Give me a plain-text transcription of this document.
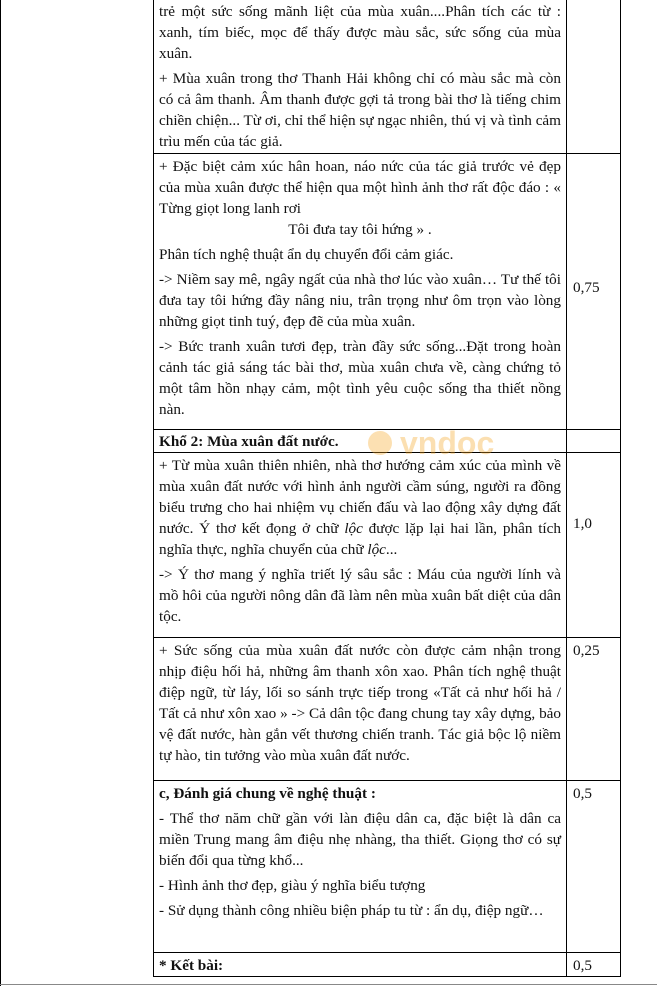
trẻ một sức sống mãnh liệt của mùa xuân....Phân tích các từ : xanh, tím biếc, mọc để thấy được màu sắc, sức sống của mùa xuân.

+ Mùa xuân trong thơ Thanh Hải không chỉ có màu sắc mà còn có cả âm thanh. Âm thanh được gợi tả trong bài thơ là tiếng chim chiền chiện... Từ ơi, chỉ thể hiện sự ngạc nhiên, thú vị và tình cảm trìu mến của tác giả.

+ Đặc biệt cảm xúc hân hoan, náo nức của tác giả trước vẻ đẹp của mùa xuân được thể hiện qua một hình ảnh thơ rất độc đáo : « Từng giọt long lanh rơi

Tôi đưa tay tôi hứng » .

Phân tích nghệ thuật ẩn dụ chuyển đổi cảm giác.

-> Niềm say mê, ngây ngất của nhà thơ lúc vào xuân… Tư thế tôi đưa tay tôi hứng đầy nâng niu, trân trọng như ôm trọn vào lòng những giọt tinh tuý, đẹp đẽ của mùa xuân.

-> Bức tranh xuân tươi đẹp, tràn đầy sức sống...Đặt trong hoàn cảnh tác giả sáng tác bài thơ, mùa xuân chưa về, càng chứng tỏ một tâm hồn nhạy cảm, một tình yêu cuộc sống tha thiết nồng nàn.

0,75
Khổ 2: Mùa xuân đất nước.	vndoc

+ Từ mùa xuân thiên nhiên, nhà thơ hướng cảm xúc của mình về mùa xuân đất nước với hình ảnh người cầm súng, người ra đồng biểu trưng cho hai nhiệm vụ chiến đấu và lao động xây dựng đất nước. Ý thơ kết đọng ở chữ lộc được lặp lại hai lần, phân tích nghĩa thực, nghĩa chuyển của chữ lộc...

-> Ý thơ mang ý nghĩa triết lý sâu sắc : Máu của người lính và mồ hôi của người nông dân đã làm nên mùa xuân bất diệt của dân tộc.

1,0

+ Sức sống của mùa xuân đất nước còn được cảm nhận trong nhịp điệu hối hả, những âm thanh xôn xao. Phân tích nghệ thuật điệp ngữ, từ láy, lối so sánh trực tiếp trong «Tất cả như hối hả / Tất cả như xôn xao » -> Cả dân tộc đang chung tay xây dựng, bảo vệ đất nước, hàn gắn vết thương chiến tranh. Tác giả bộc lộ niềm tự hào, tin tưởng vào mùa xuân đất nước.

0,25

c, Đánh giá chung về nghệ thuật :

- Thể thơ năm chữ gần với làn điệu dân ca, đặc biệt là dân ca miền Trung mang âm điệu nhẹ nhàng, tha thiết. Giọng thơ có sự biến đổi qua từng khổ...

- Hình ảnh thơ đẹp, giàu ý nghĩa biểu tượng

- Sử dụng thành công nhiều biện pháp tu từ : ẩn dụ, điệp ngữ…

0,5
* Kết bài:	0,5
